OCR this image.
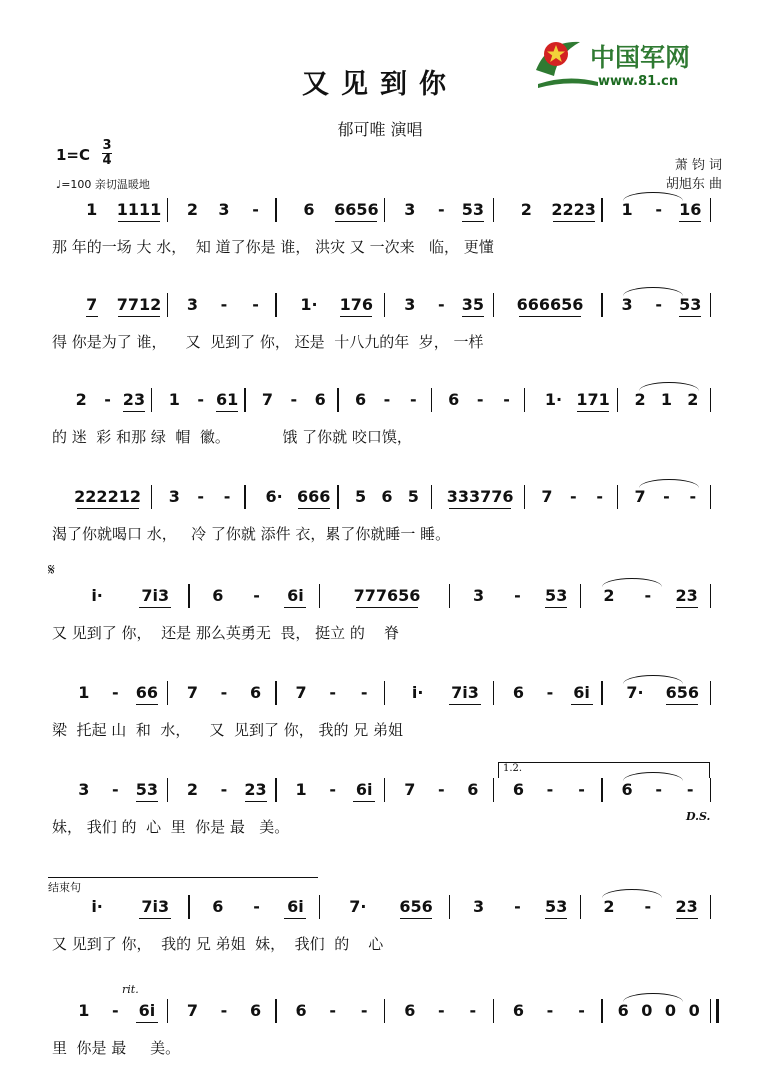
又见到你
郁可唯 演唱
1=C
3
4
♩=100 亲切温暖地
萧 钧 词
胡旭东 曲
中国军网
www.81.cn
𝄋
1.2.
D.S.
结束句
rit.
1 1111 2 3 -	6 6656 3 - 53 2 2223 1 - 16
那 年的一场 大 水，  知 道了你是 谁， 洪灾 又 一次来   临， 更懂
7 7712 3 - -	1· 176 3 - 35 666656 3 - 53
得 你是为了 谁，    又  见到了 你， 还是  十八九的年  岁， 一样
2 - 23 1 - 61 7 - 6 6 - - 6 - - 1· 171 2 1 2
的 迷  彩 和那 绿  帽  徽。           饿 了你就 咬口馍，
222212 3 - - 6· 666 5 6 5 333776 7 - - 7 - -
渴了你就喝口 水，   冷 了你就 添件 衣，累了你就睡一 睡。
i· 7i3	6 - 6i	777656	3 - 53 2 - 23
又 见到了 你，  还是 那么英勇无  畏， 挺立 的    脊
1 - 66 7 - 6 7 - -	i· 7i3 6 - 6i 7· 656
梁  托起 山  和  水，    又  见到了 你， 我的 兄 弟姐
3 - 53 2 - 23 1 - 6i 7 - 6 6 - - 6 - -
妹， 我们 的  心  里  你是 最   美。
i· 7i3	6 - 6i	7· 656	3 - 53 2 - 23
又 见到了 你，  我的 兄 弟姐  妹，  我们  的    心
1 - 6i 7 - 6 6 - - 6 - - 6 - - 6 0 0 0
里  你是 最     美。
